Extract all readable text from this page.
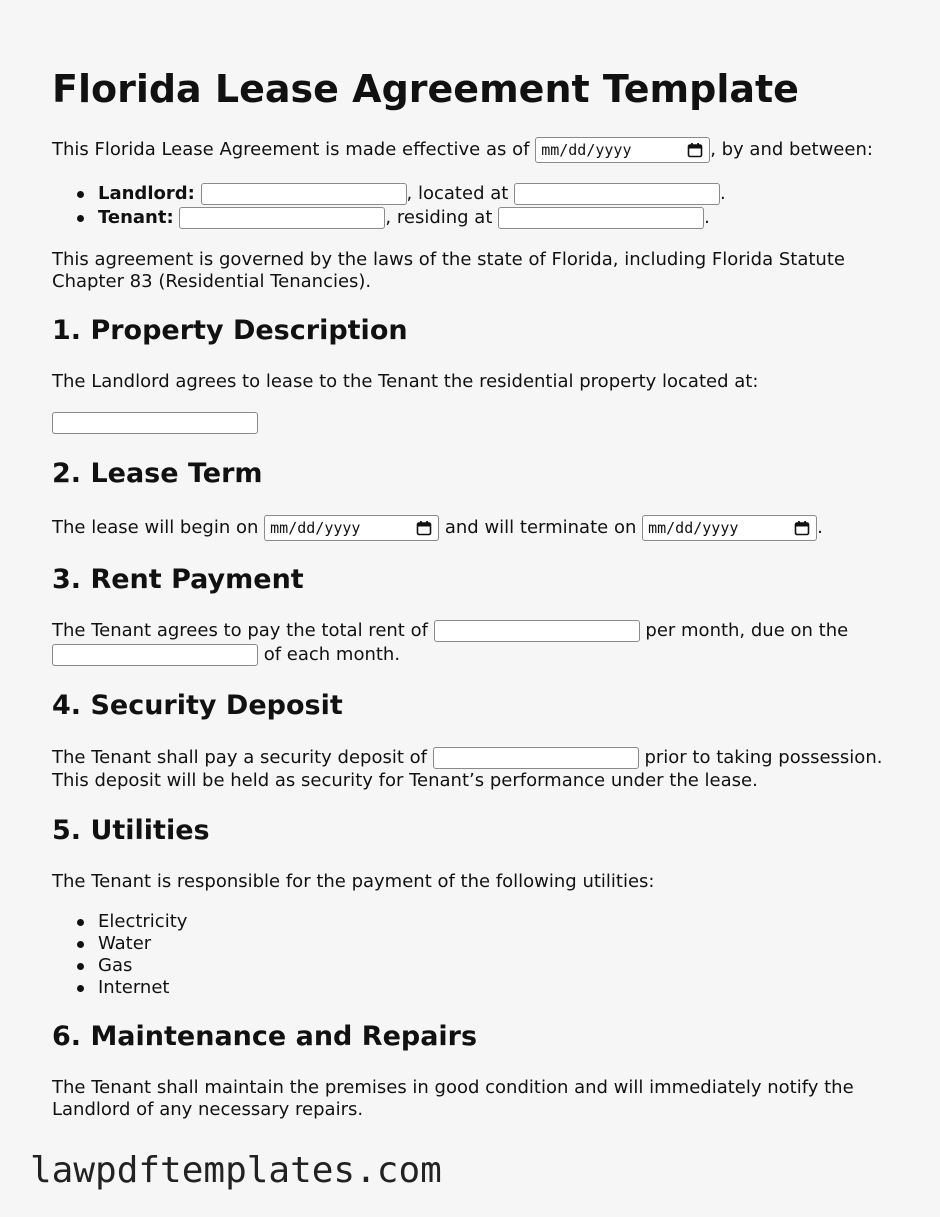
Florida Lease Agreement Template

This Florida Lease Agreement is made effective as of mm/dd/yyyy	, by and between:

Landlord:	, located at	.
Tenant:	, residing at	.

This agreement is governed by the laws of the state of Florida, including Florida Statute Chapter 83 (Residential Tenancies).

1. Property Description

The Landlord agrees to lease to the Tenant the residential property located at:

2. Lease Term

The lease will begin on mm/dd/yyyy	and will terminate on mm/dd/yyyy	.

3. Rent Payment

The Tenant agrees to pay the total rent of	per month, due on the
of each month.

4. Security Deposit

The Tenant shall pay a security deposit of	prior to taking possession. This deposit will be held as security for Tenant’s performance under the lease.

5. Utilities

The Tenant is responsible for the payment of the following utilities:

Electricity
Water
Gas
Internet
6. Maintenance and Repairs

The Tenant shall maintain the premises in good condition and will immediately notify the Landlord of any necessary repairs.

lawpdftemplates.com
